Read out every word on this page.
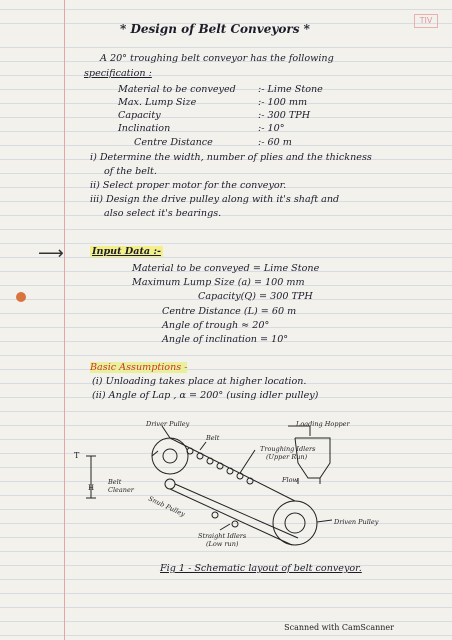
TIV
* Design of Belt Conveyors *
A 20° troughing belt conveyor has the following
specification :
Material to be conveyed :- Lime Stone
Max. Lump Size	:- 100 mm
Capacity	:- 300 TPH
Inclination	:- 10°
Centre Distance	:- 60 m
i) Determine the width, number of plies and the thickness
of the belt.
ii) Select proper motor for the conveyor.
iii) Design the drive pulley along with it's shaft and
also select it's bearings.
⟶	Input Data :-
Material to be conveyed = Lime Stone
Maximum Lump Size (a) = 100 mm
Capacity(Q) = 300 TPH
Centre Distance (L) = 60 m
Angle of trough ≈ 20°
Angle of inclination = 10°
Basic Assumptions -
(i) Unloading takes place at higher location.
(ii) Angle of Lap , α = 200° (using idler pulley)
Driver Pulley
Belt
Loading Hopper
Troughing Idlers
(Upper Run)
Flow
Belt
Cleaner
Snub Pulley
Straight Idlers
(Low run)
Driven Pulley
T
H
Fig 1 - Schematic layout of belt conveyor.
Scanned with CamScanner
